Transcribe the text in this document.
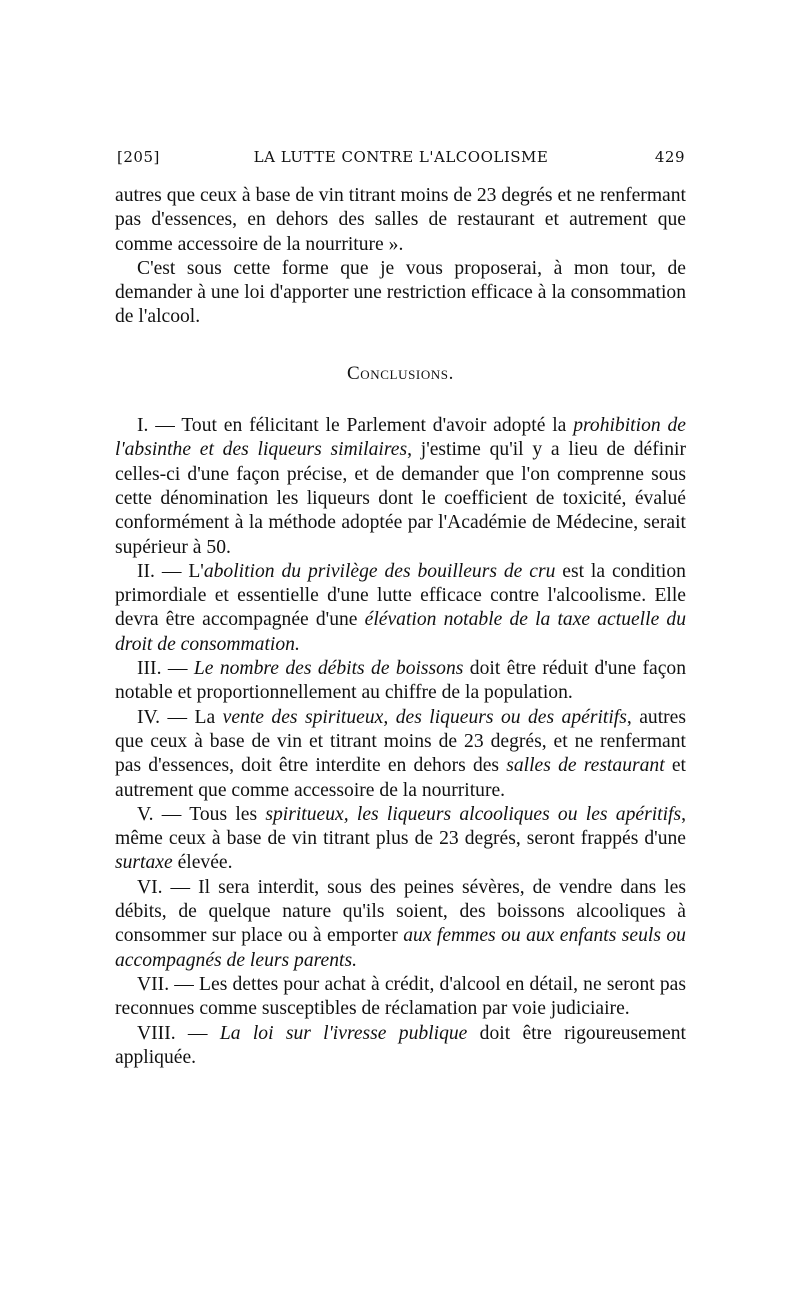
[205]	LA LUTTE CONTRE L'ALCOOLISME	429

autres que ceux à base de vin titrant moins de 23 degrés et ne renfermant pas d'essences, en dehors des salles de restaurant et autrement que comme accessoire de la nourriture ».

C'est sous cette forme que je vous proposerai, à mon tour, de demander à une loi d'apporter une restriction efficace à la consommation de l'alcool.

Conclusions.

I. — Tout en félicitant le Parlement d'avoir adopté la prohibition de l'absinthe et des liqueurs similaires, j'estime qu'il y a lieu de définir celles-ci d'une façon précise, et de demander que l'on comprenne sous cette dénomination les liqueurs dont le coefficient de toxicité, évalué conformément à la méthode adoptée par l'Académie de Médecine, serait supérieur à 50.

II. — L'abolition du privilège des bouilleurs de cru est la condition primordiale et essentielle d'une lutte efficace contre l'alcoolisme. Elle devra être accompagnée d'une élévation notable de la taxe actuelle du droit de consommation.

III. — Le nombre des débits de boissons doit être réduit d'une façon notable et proportionnellement au chiffre de la population.

IV. — La vente des spiritueux, des liqueurs ou des apéritifs, autres que ceux à base de vin et titrant moins de 23 degrés, et ne renfermant pas d'essences, doit être interdite en dehors des salles de restaurant et autrement que comme accessoire de la nourriture.

V. — Tous les spiritueux, les liqueurs alcooliques ou les apéritifs, même ceux à base de vin titrant plus de 23 degrés, seront frappés d'une surtaxe élevée.

VI. — Il sera interdit, sous des peines sévères, de vendre dans les débits, de quelque nature qu'ils soient, des boissons alcooliques à consommer sur place ou à emporter aux femmes ou aux enfants seuls ou accompagnés de leurs parents.

VII. — Les dettes pour achat à crédit, d'alcool en détail, ne seront pas reconnues comme susceptibles de réclamation par voie judiciaire.

VIII. — La loi sur l'ivresse publique doit être rigoureusement appliquée.
